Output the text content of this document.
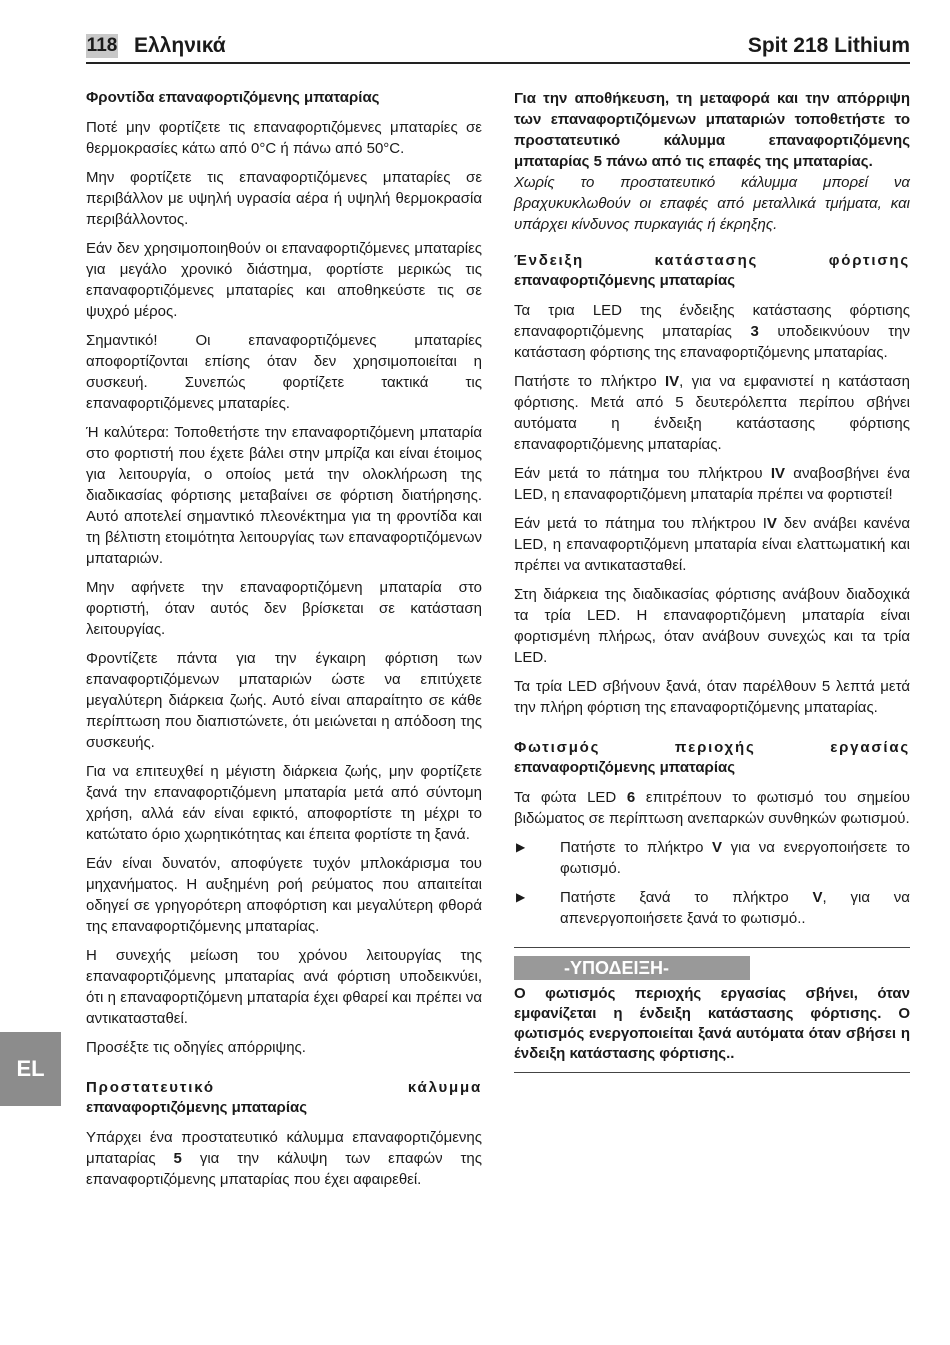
118 Ελληνικά	Spit 218 Lithium
EL
Φροντίδα επαναφορτιζόμενης μπαταρίας

Ποτέ μην φορτίζετε τις επαναφορτιζόμενες μπαταρίες σε θερμοκρασίες κάτω από 0°C ή πάνω από 50°C.

Μην φορτίζετε τις επαναφορτιζόμενες μπαταρίες σε περιβάλλον με υψηλή υγρασία αέρα ή υψηλή θερμοκρασία περιβάλλοντος.

Εάν δεν χρησιμοποιηθούν οι επαναφορτιζόμενες μπαταρίες για μεγάλο χρονικό διάστημα, φορτίστε μερικώς τις επαναφορτιζόμενες μπαταρίες και αποθηκεύστε τις σε ψυχρό μέρος.

Σημαντικό! Οι επαναφορτιζόμενες μπαταρίες αποφορτίζονται επίσης όταν δεν χρησιμοποιείται η συσκευή. Συνεπώς φορτίζετε τακτικά τις επαναφορτιζόμενες μπαταρίες.

Ή καλύτερα: Τοποθετήστε την επαναφορτιζόμενη μπαταρία στο φορτιστή που έχετε βάλει στην μπρίζα και είναι έτοιμος για λειτουργία, ο οποίος μετά την ολοκλήρωση της διαδικασίας φόρτισης μεταβαίνει σε φόρτιση διατήρησης. Αυτό αποτελεί σημαντικό πλεονέκτημα για τη φροντίδα και τη βέλτιστη ετοιμότητα λειτουργίας των επαναφορτιζόμενων μπαταριών.

Μην αφήνετε την επαναφορτιζόμενη μπαταρία στο φορτιστή, όταν αυτός δεν βρίσκεται σε κατάσταση λειτουργίας.

Φροντίζετε πάντα για την έγκαιρη φόρτιση των επαναφορτιζόμενων μπαταριών ώστε να επιτύχετε μεγαλύτερη διάρκεια ζωής. Αυτό είναι απαραίτητο σε κάθε περίπτωση που διαπιστώνετε, ότι μειώνεται η απόδοση της συσκευής.

Για να επιτευχθεί η μέγιστη διάρκεια ζωής, μην φορτίζετε ξανά την επαναφορτιζόμενη μπαταρία μετά από σύντομη χρήση, αλλά εάν είναι εφικτό, αποφορτίστε τη μέχρι το κατώτατο όριο χωρητικότητας και έπειτα φορτίστε τη ξανά.

Εάν είναι δυνατόν, αποφύγετε τυχόν μπλοκάρισμα του μηχανήματος. Η αυξημένη ροή ρεύματος που απαιτείται οδηγεί σε γρηγορότερη αποφόρτιση και μεγαλύτερη φθορά της επαναφορτιζόμενης μπαταρίας.

Η συνεχής μείωση του χρόνου λειτουργίας της επαναφορτιζόμενης μπαταρίας ανά φόρτιση υποδεικνύει, ότι η επαναφορτιζόμενη μπαταρία έχει φθαρεί και πρέπει να αντικατασταθεί.

Προσέξτε τις οδηγίες απόρριψης.

Προστατευτικό	κάλυμμα
επαναφορτιζόμενης μπαταρίας

Υπάρχει ένα προστατευτικό κάλυμμα επαναφορτιζόμενης μπαταρίας 5 για την κάλυψη των επαφών της επαναφορτιζόμενης μπαταρίας που έχει αφαιρεθεί.

Για την αποθήκευση, τη μεταφορά και την απόρριψη των επαναφορτιζόμενων μπαταριών τοποθετήστε το προστατευτικό κάλυμμα επαναφορτιζόμενης μπαταρίας 5 πάνω από τις επαφές της μπαταρίας.

Χωρίς το προστατευτικό κάλυμμα μπορεί να βραχυκυκλωθούν οι επαφές από μεταλλικά τμήματα, και υπάρχει κίνδυνος πυρκαγιάς ή έκρηξης.

Ένδειξη	κατάστασης	φόρτισης
επαναφορτιζόμενης μπαταρίας

Τα τρια LED της ένδειξης κατάστασης φόρτισης επαναφορτιζόμενης μπαταρίας 3 υποδεικνύουν την κατάσταση φόρτισης της επαναφορτιζόμενης μπαταρίας.

Πατήστε το πλήκτρο IV, για να εμφανιστεί η κατάσταση φόρτισης. Μετά από 5 δευτερόλεπτα περίπου σβήνει αυτόματα η ένδειξη κατάστασης φόρτισης επαναφορτιζόμενης μπαταρίας.

Εάν μετά το πάτημα του πλήκτρου IV αναβοσβήνει ένα LED, η επαναφορτιζόμενη μπαταρία πρέπει να φορτιστεί!

Εάν μετά το πάτημα του πλήκτρου IV δεν ανάβει κανένα LED, η επαναφορτιζόμενη μπαταρία είναι ελαττωματική και πρέπει να αντικατασταθεί.

Στη διάρκεια της διαδικασίας φόρτισης ανάβουν διαδοχικά τα τρία LED. Η επαναφορτιζόμενη μπαταρία είναι φορτισμένη πλήρως, όταν ανάβουν συνεχώς και τα τρία LED.

Τα τρία LED σβήνουν ξανά, όταν παρέλθουν 5 λεπτά μετά την πλήρη φόρτιση της επαναφορτιζόμενης μπαταρίας.

Φωτισμός	περιοχής	εργασίας
επαναφορτιζόμενης μπαταρίας

Τα φώτα LED 6 επιτρέπουν το φωτισμό του σημείου βιδώματος σε περίπτωση ανεπαρκών συνθηκών φωτισμού.

▶	Πατήστε το πλήκτρο V για να ενεργοποιήσετε το φωτισμό.
▶	Πατήστε ξανά το πλήκτρο V, για να απενεργοποιήσετε ξανά το φωτισμό..
-ΥΠΟΔΕΙΞΗ-
Ο φωτισμός περιοχής εργασίας σβήνει, όταν εμφανίζεται η ένδειξη κατάστασης φόρτισης. Ο φωτισμός ενεργοποιείται ξανά αυτόματα όταν σβήσει η ένδειξη κατάστασης φόρτισης..
